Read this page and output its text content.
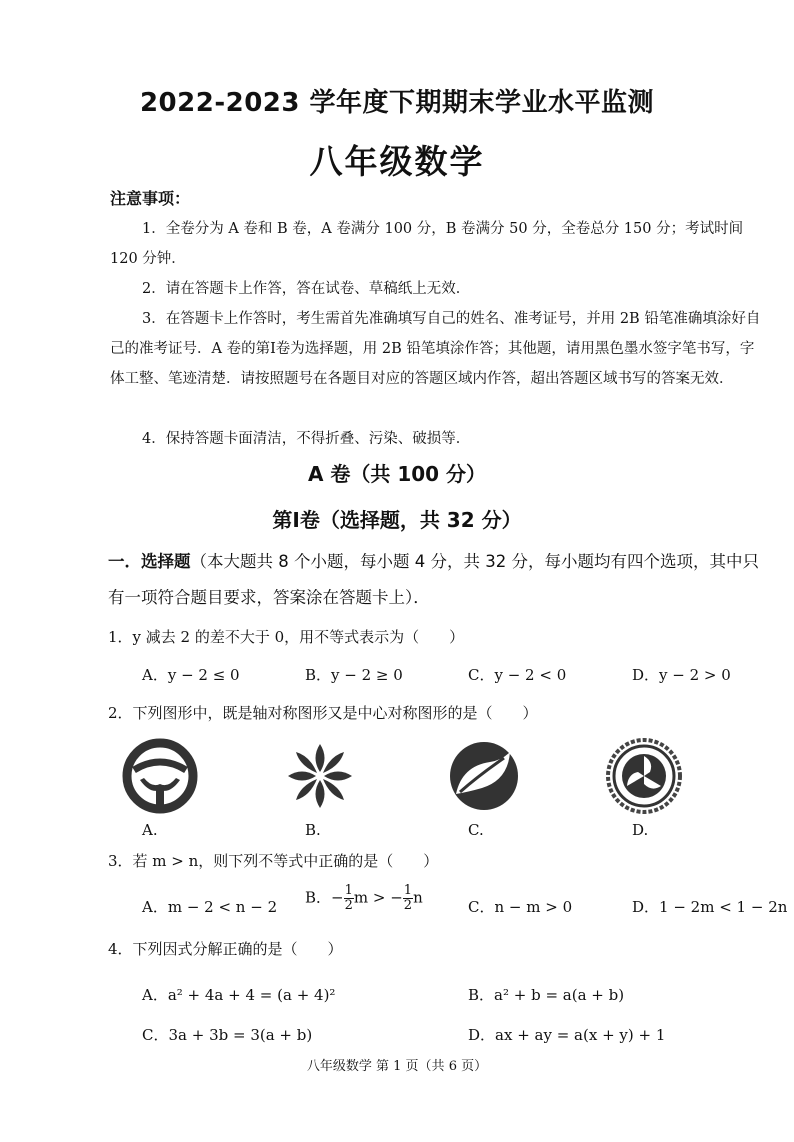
2022-2023 学年度下期期末学业水平监测
八年级数学
注意事项：
1．全卷分为 A 卷和 B 卷，A 卷满分 100 分，B 卷满分 50 分，全卷总分 150 分；考试时间 120 分钟．
2．请在答题卡上作答，答在试卷、草稿纸上无效．
3．在答题卡上作答时，考生需首先准确填写自己的姓名、准考证号，并用 2B 铅笔准确填涂好自己的准考证号．A 卷的第Ⅰ卷为选择题，用 2B 铅笔填涂作答；其他题，请用黑色墨水签字笔书写，字体工整、笔迹清楚．请按照题号在各题目对应的答题区域内作答，超出答题区域书写的答案无效．
4．保持答题卡面清洁，不得折叠、污染、破损等．
A 卷（共 100 分）
第Ⅰ卷（选择题，共 32 分）
一．选择题（本大题共 8 个小题，每小题 4 分，共 32 分，每小题均有四个选项，其中只有一项符合题目要求，答案涂在答题卡上）．
1．y 减去 2 的差不大于 0，用不等式表示为（　　）
A．y − 2 ≤ 0	B．y − 2 ≥ 0	C．y − 2 < 0	D．y − 2 > 0
2．下列图形中，既是轴对称图形又是中心对称图形的是（　　）
A.	B.	C.	D.
3．若 m > n，则下列不等式中正确的是（　　）
A．m − 2 < n − 2
B．− $\frac{1}{2}$ m > − $\frac{1}{2}$ n
C．n − m > 0	D．1 − 2m < 1 − 2n
4．下列因式分解正确的是（　　）
A．a² + 4a + 4 = (a + 4)²	B．a² + b = a(a + b)
C．3a + 3b = 3(a + b)	D．ax + ay = a(x + y) + 1
八年级数学 第 1 页（共 6 页）
